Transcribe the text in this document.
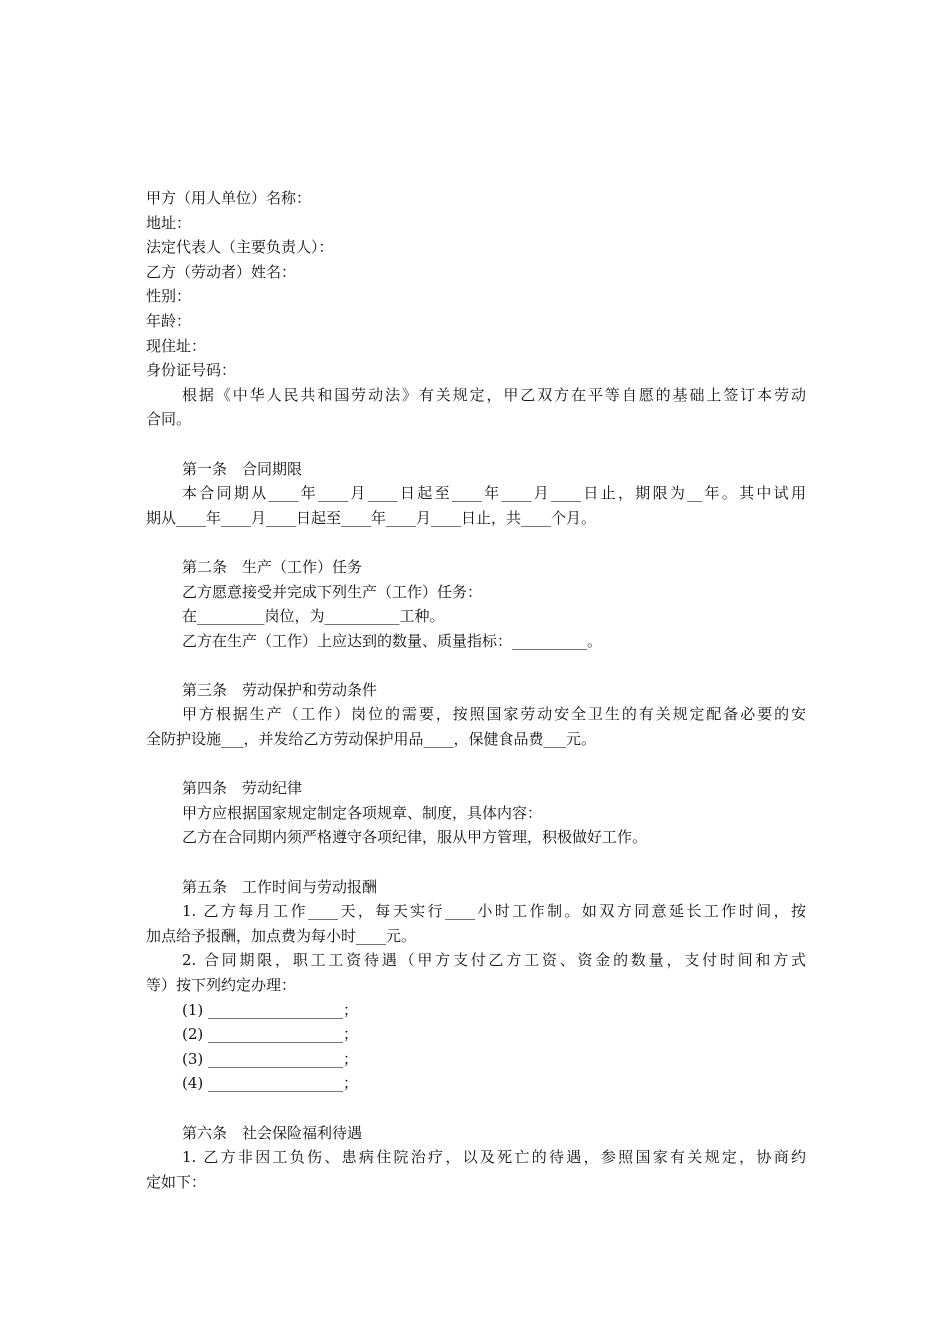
甲方（用人单位）名称：
地址：
法定代表人（主要负责人）：
乙方（劳动者）姓名：
性别：
年龄：
现住址：
身份证号码：
根据《中华人民共和国劳动法》有关规定，甲乙双方在平等自愿的基础上签订本劳动
合同。
第一条　合同期限
本合同期从____年____月____日起至____年____月____日止，期限为__年。其中试用
期从____年____月____日起至____年____月____日止，共____个月。
第二条　生产（工作）任务
乙方愿意接受并完成下列生产（工作）任务：
在_________岗位，为__________工种。
乙方在生产（工作）上应达到的数量、质量指标：__________。
第三条　劳动保护和劳动条件
甲方根据生产（工作）岗位的需要，按照国家劳动安全卫生的有关规定配备必要的安
全防护设施___，并发给乙方劳动保护用品____，保健食品费___元。
第四条　劳动纪律
甲方应根据国家规定制定各项规章、制度，具体内容：
乙方在合同期内须严格遵守各项纪律，服从甲方管理，积极做好工作。
第五条　工作时间与劳动报酬
1. 乙方每月工作____天，每天实行____小时工作制。如双方同意延长工作时间，按
加点给予报酬，加点费为每小时____元。
2. 合同期限，职工工资待遇（甲方支付乙方工资、资金的数量，支付时间和方式
等）按下列约定办理：
(1) __________________；
(2) __________________；
(3) __________________；
(4) __________________；
第六条　社会保险福利待遇
1. 乙方非因工负伤、患病住院治疗，以及死亡的待遇，参照国家有关规定，协商约
定如下：
